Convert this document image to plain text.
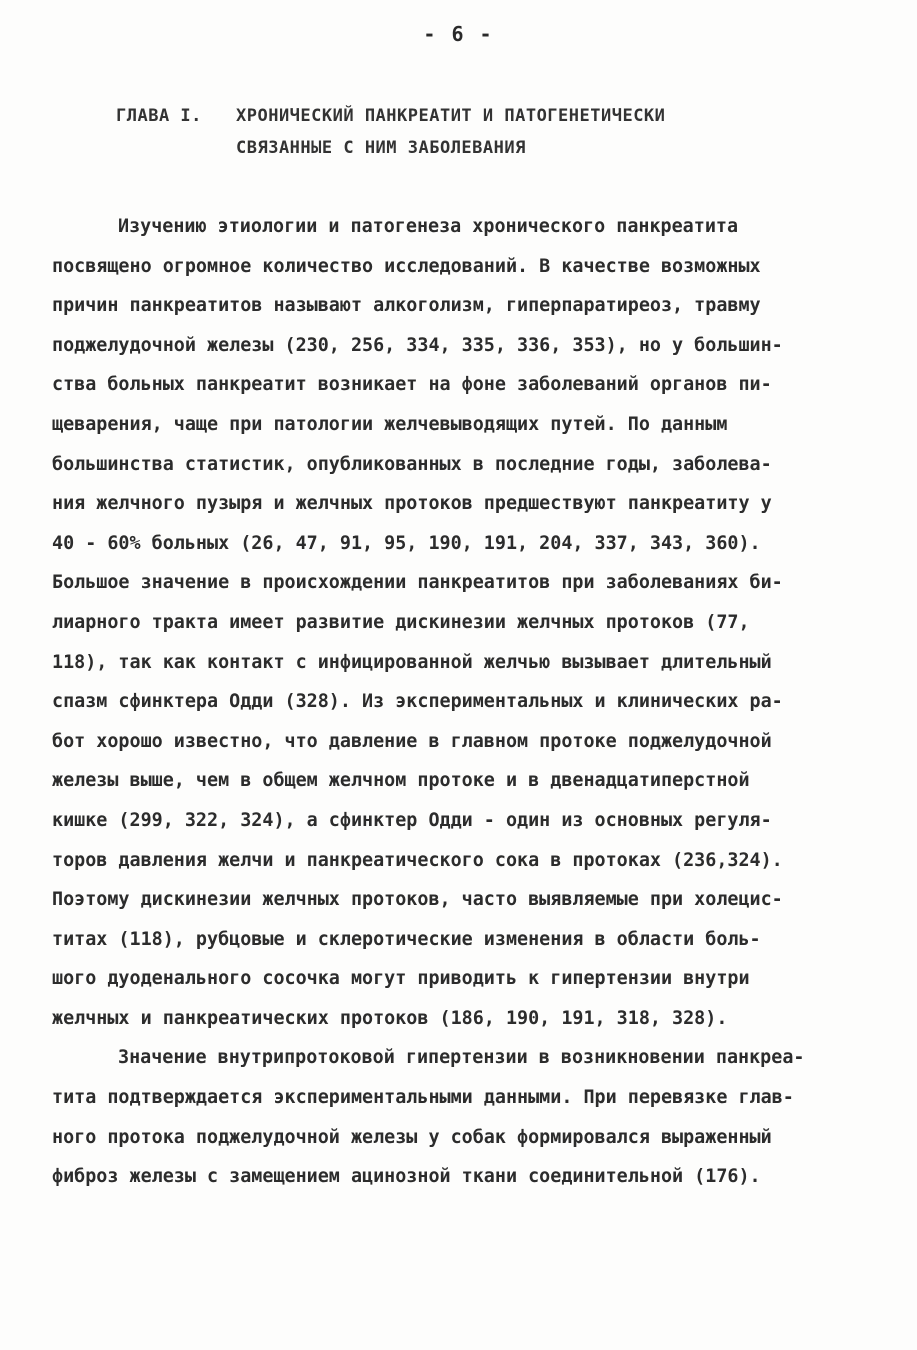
- 6 -
ГЛАВА I. ХРОНИЧЕСКИЙ ПАНКРЕАТИТ И ПАТОГЕНЕТИЧЕСКИ
СВЯЗАННЫЕ С НИМ ЗАБОЛЕВАНИЯ
Изучению этиологии и патогенеза хронического панкреатита
посвящено огромное количество исследований. В качестве возможных
причин панкреатитов называют алкоголизм, гиперпаратиреоз, травму
поджелудочной железы (230, 256, 334, 335, 336, 353), но у большин-
ства больных панкреатит возникает на фоне заболеваний органов пи-
щеварения, чаще при патологии желчевыводящих путей. По данным
большинства статистик, опубликованных в последние годы, заболева-
ния желчного пузыря и желчных протоков предшествуют панкреатиту у
40 - 60% больных (26, 47, 91, 95, 190, 191, 204, 337, 343, 360).
Большое значение в происхождении панкреатитов при заболеваниях би-
лиарного тракта имеет развитие дискинезии желчных протоков (77,
118), так как контакт с инфицированной желчью вызывает длительный
спазм сфинктера Одди (328). Из экспериментальных и клинических ра-
бот хорошо известно, что давление в главном протоке поджелудочной
железы выше, чем в общем желчном протоке и в двенадцатиперстной
кишке (299, 322, 324), а сфинктер Одди - один из основных регуля-
торов давления желчи и панкреатического сока в протоках (236,324).
Поэтому дискинезии желчных протоков, часто выявляемые при холецис-
титах (118), рубцовые и склеротические изменения в области боль-
шого дуоденального сосочка могут приводить к гипертензии внутри
желчных и панкреатических протоков (186, 190, 191, 318, 328).
Значение внутрипротоковой гипертензии в возникновении панкреа-
тита подтверждается экспериментальными данными. При перевязке глав-
ного протока поджелудочной железы у собак формировался выраженный
фиброз железы с замещением ацинозной ткани соединительной (176).
